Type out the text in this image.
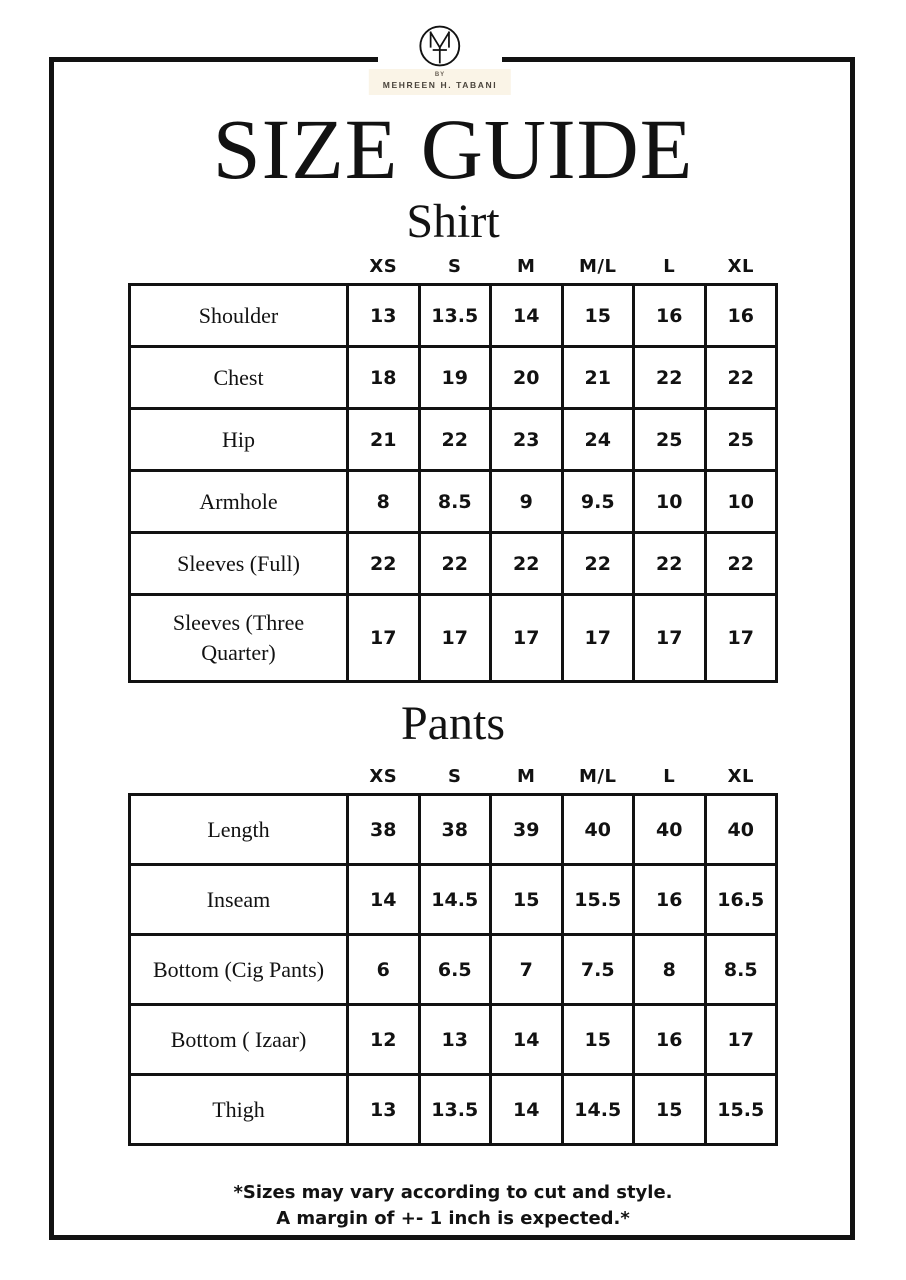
BY
MEHREEN H. TABANI
SIZE GUIDE
Shirt
	XS	S	M	M/L	L	XL
Shoulder	13	13.5	14	15	16	16
Chest	18	19	20	21	22	22
Hip	21	22	23	24	25	25
Armhole	8	8.5	9	9.5	10	10
Sleeves (Full)	22	22	22	22	22	22
Sleeves (Three Quarter)	17	17	17	17	17	17
Pants
	XS	S	M	M/L	L	XL
Length	38	38	39	40	40	40
Inseam	14	14.5	15	15.5	16	16.5
Bottom (Cig Pants)	6	6.5	7	7.5	8	8.5
Bottom ( Izaar)	12	13	14	15	16	17
Thigh	13	13.5	14	14.5	15	15.5

*Sizes may vary according to cut and style.

A margin of +- 1 inch is expected.*
